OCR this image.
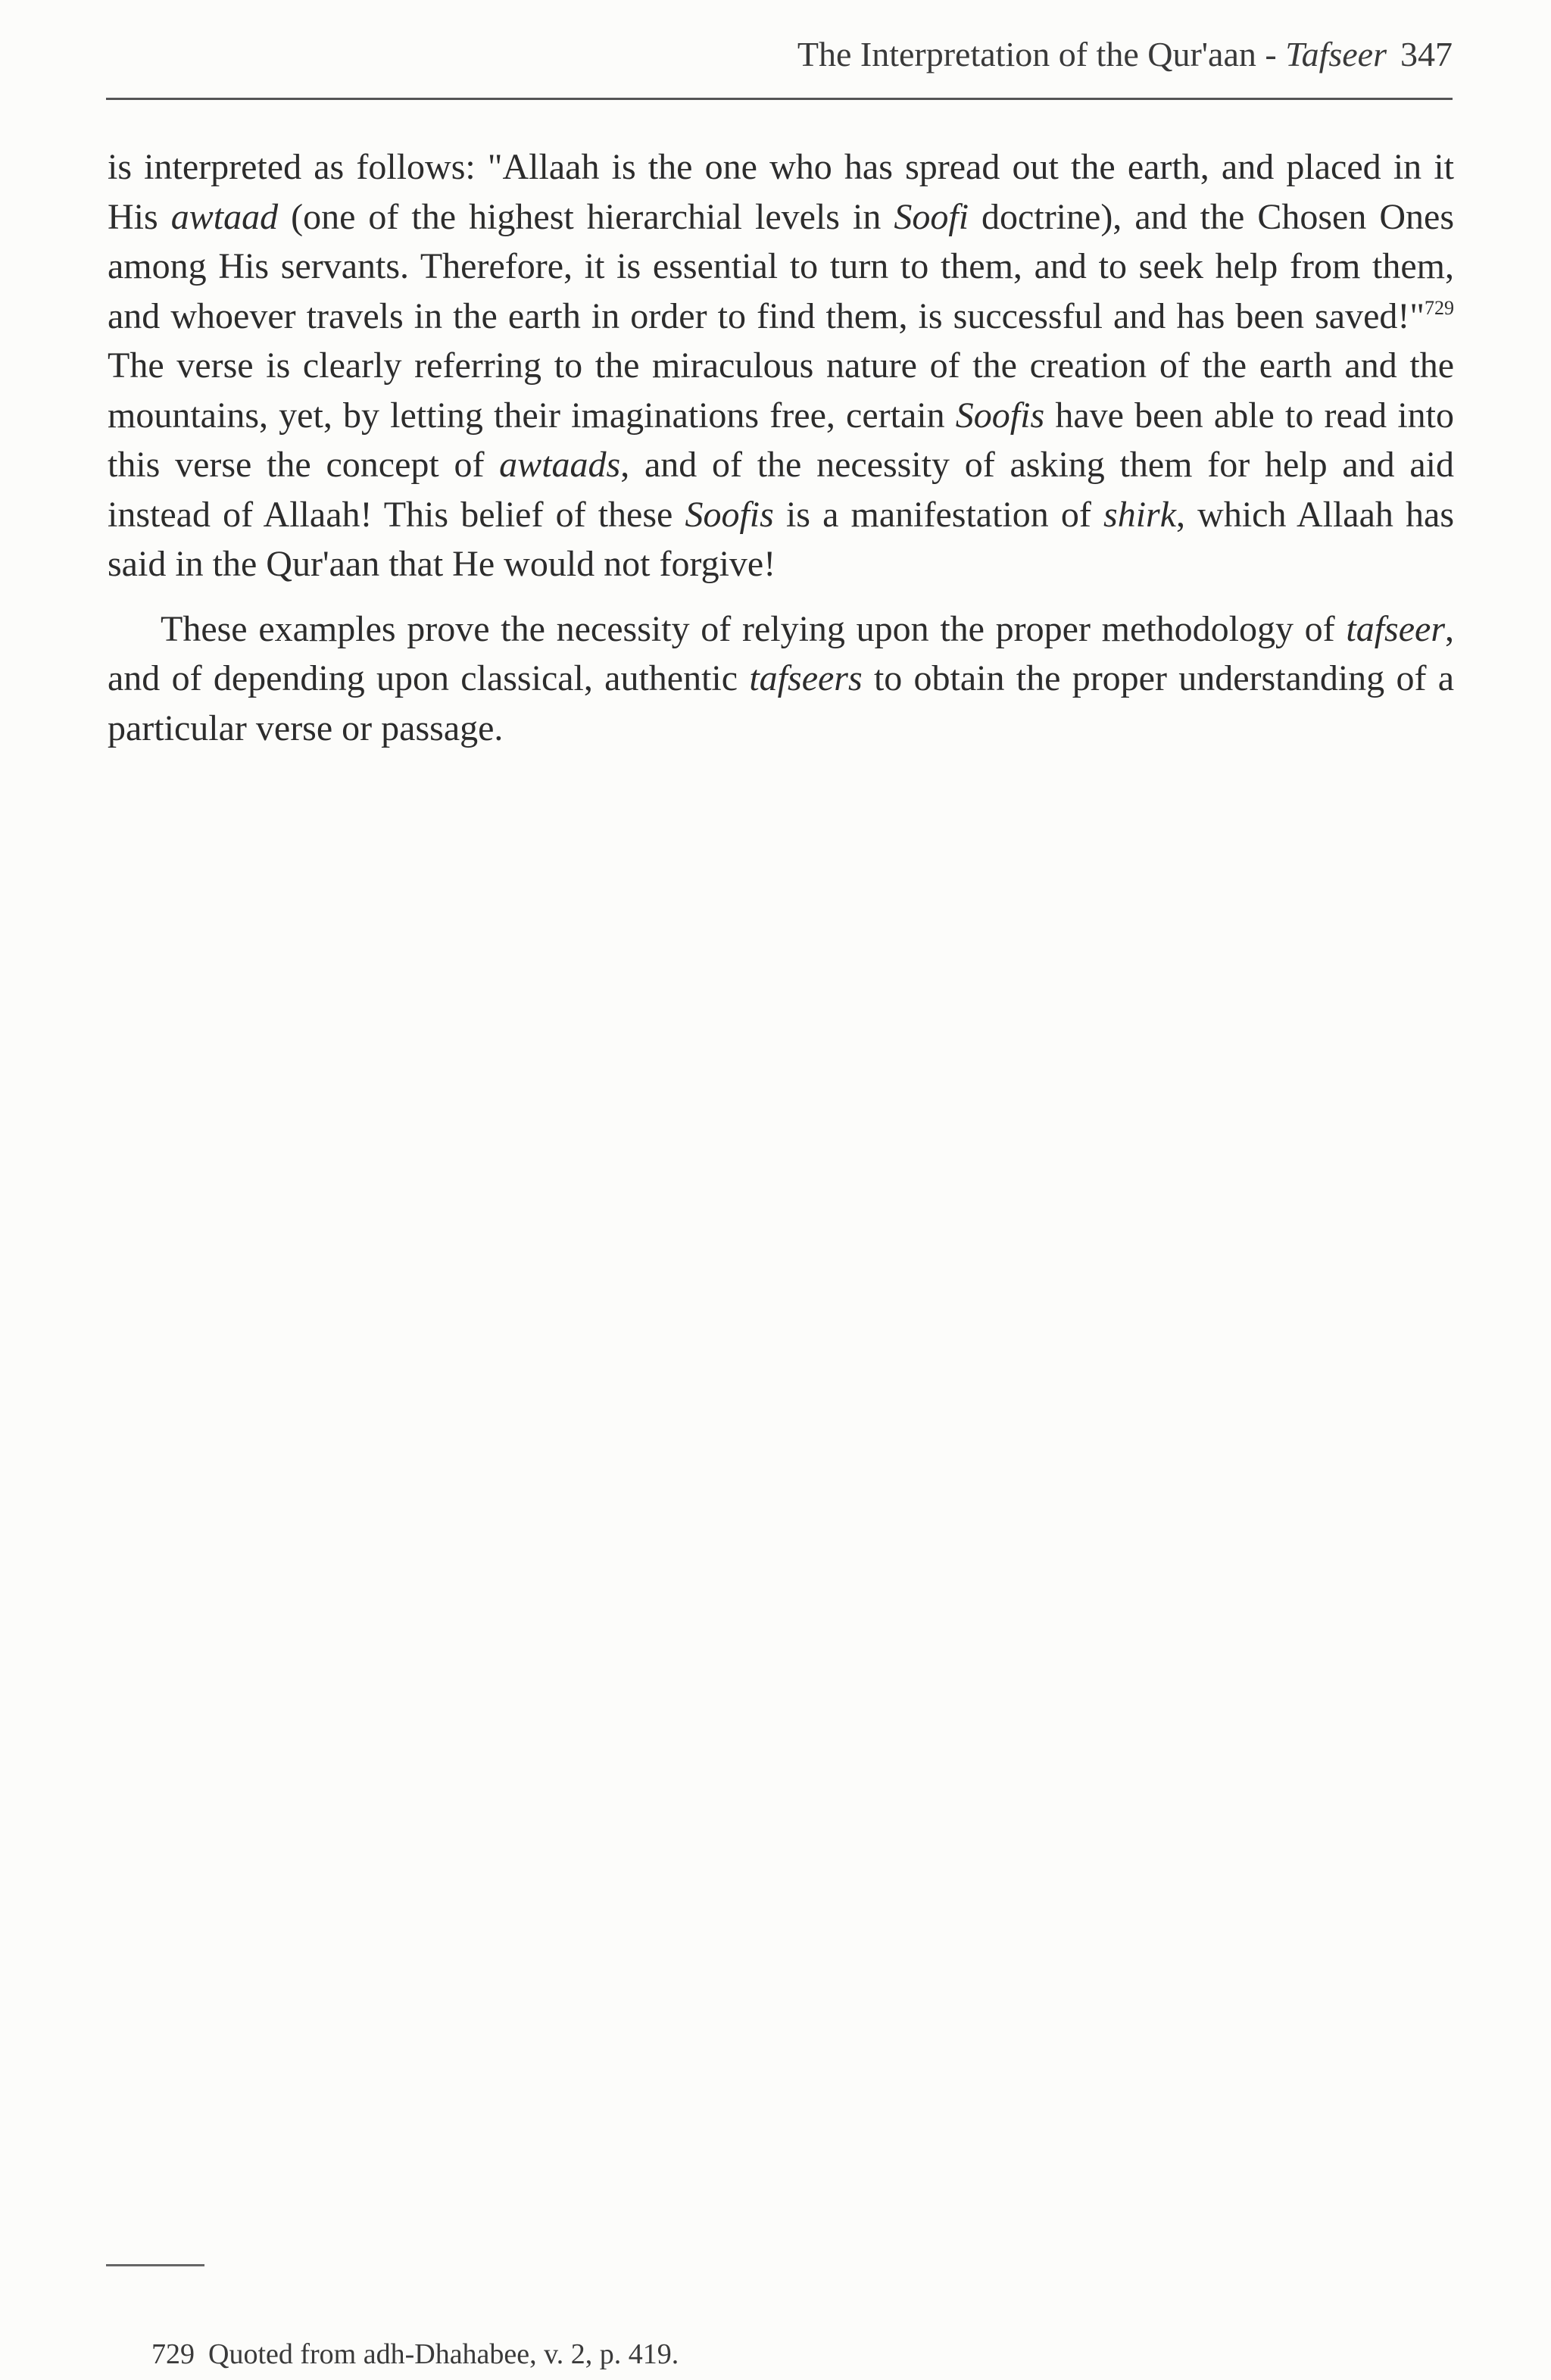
The Interpretation of the Qur'aan - Tafseer 347

is interpreted as follows: "Allaah is the one who has spread out the earth, and placed in it His awtaad (one of the highest hierarchial levels in Soofi doctrine), and the Chosen Ones among His servants. Therefore, it is essential to turn to them, and to seek help from them, and whoever travels in the earth in order to find them, is successful and has been saved!"$^{729}$ The verse is clearly referring to the miraculous nature of the creation of the earth and the mountains, yet, by letting their imaginations free, certain Soofis have been able to read into this verse the concept of awtaads, and of the necessity of asking them for help and aid instead of Allaah! This belief of these Soofis is a manifestation of shirk, which Allaah has said in the Qur'aan that He would not forgive!

These examples prove the necessity of relying upon the proper methodology of tafseer, and of depending upon classical, authentic tafseers to obtain the proper understanding of a particular verse or passage.

729 Quoted from adh-Dhahabee, v. 2, p. 419.
